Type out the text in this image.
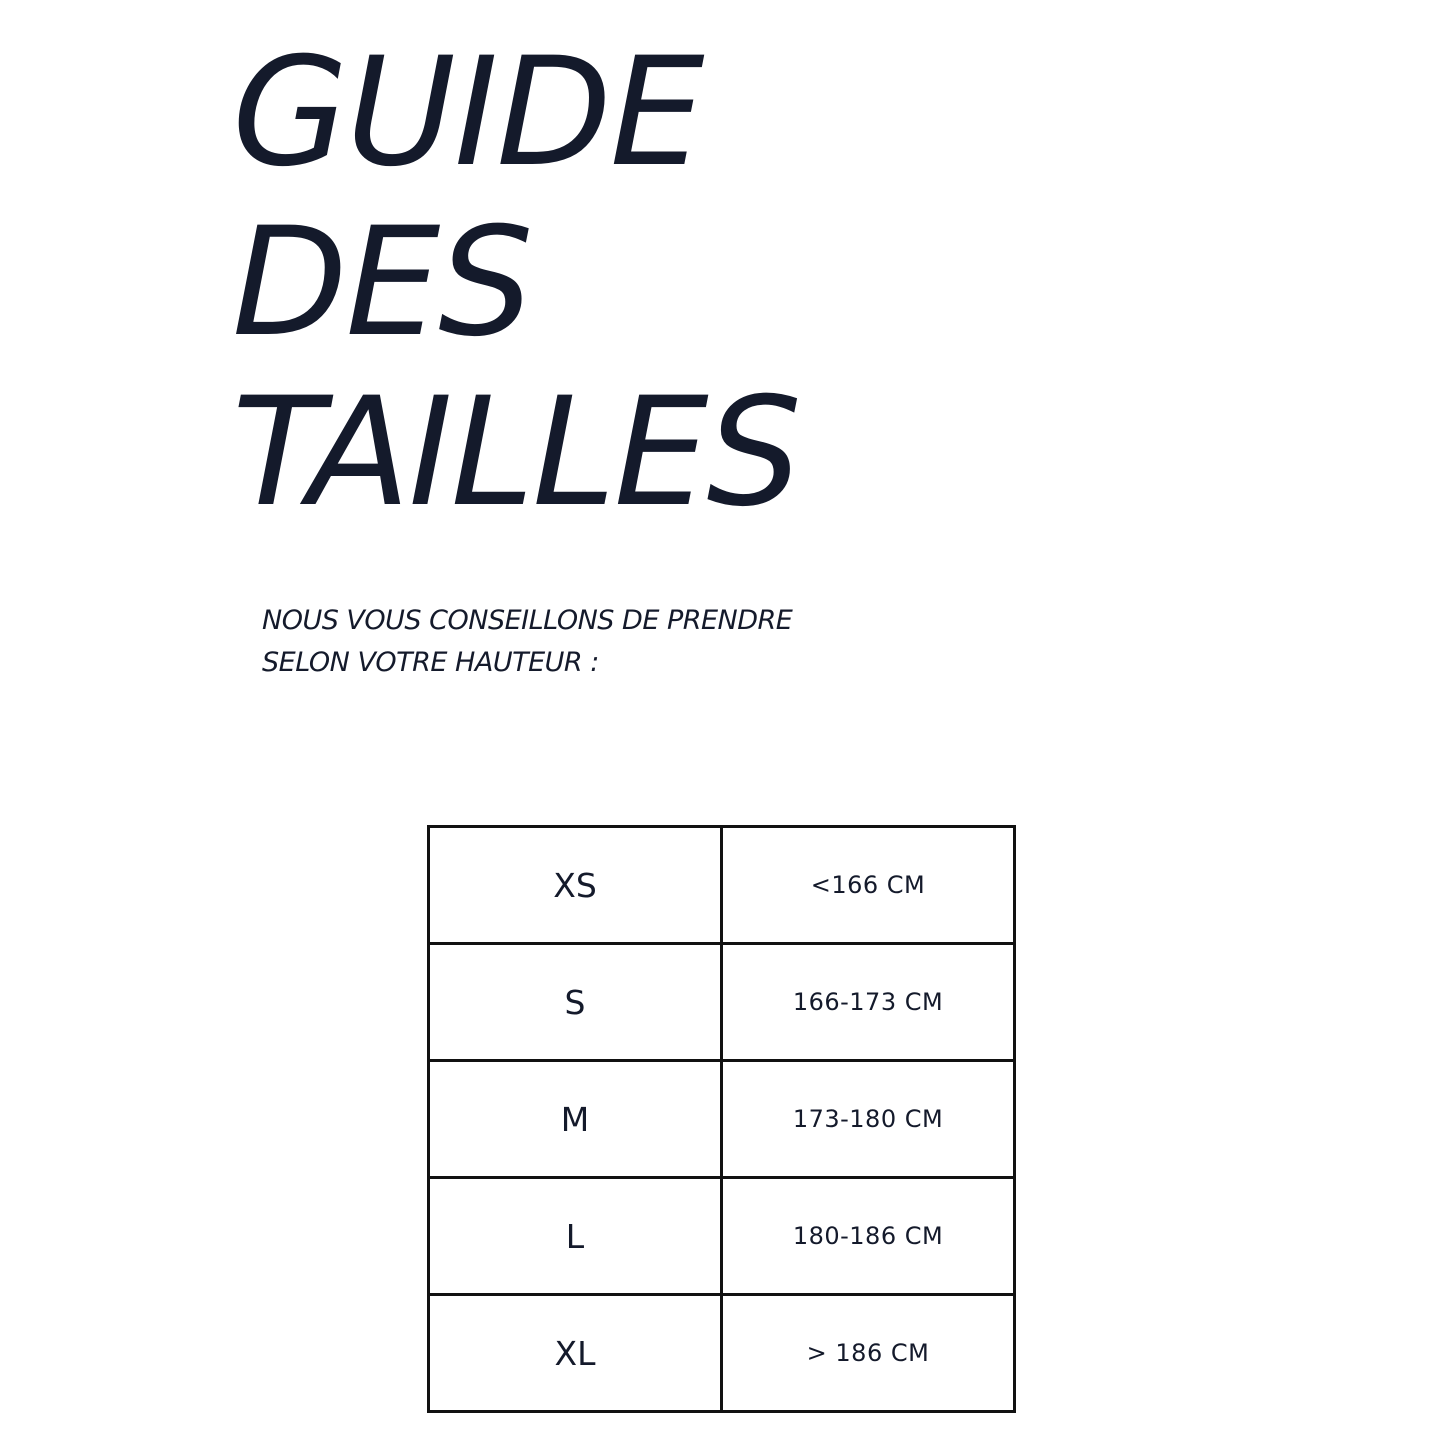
GUIDE
DES
TAILLES

NOUS VOUS CONSEILLONS DE PRENDRE
SELON VOTRE HAUTEUR :

XS	<166 CM
S	166-173 CM
M	173-180 CM
L	180-186 CM
XL	> 186 CM
